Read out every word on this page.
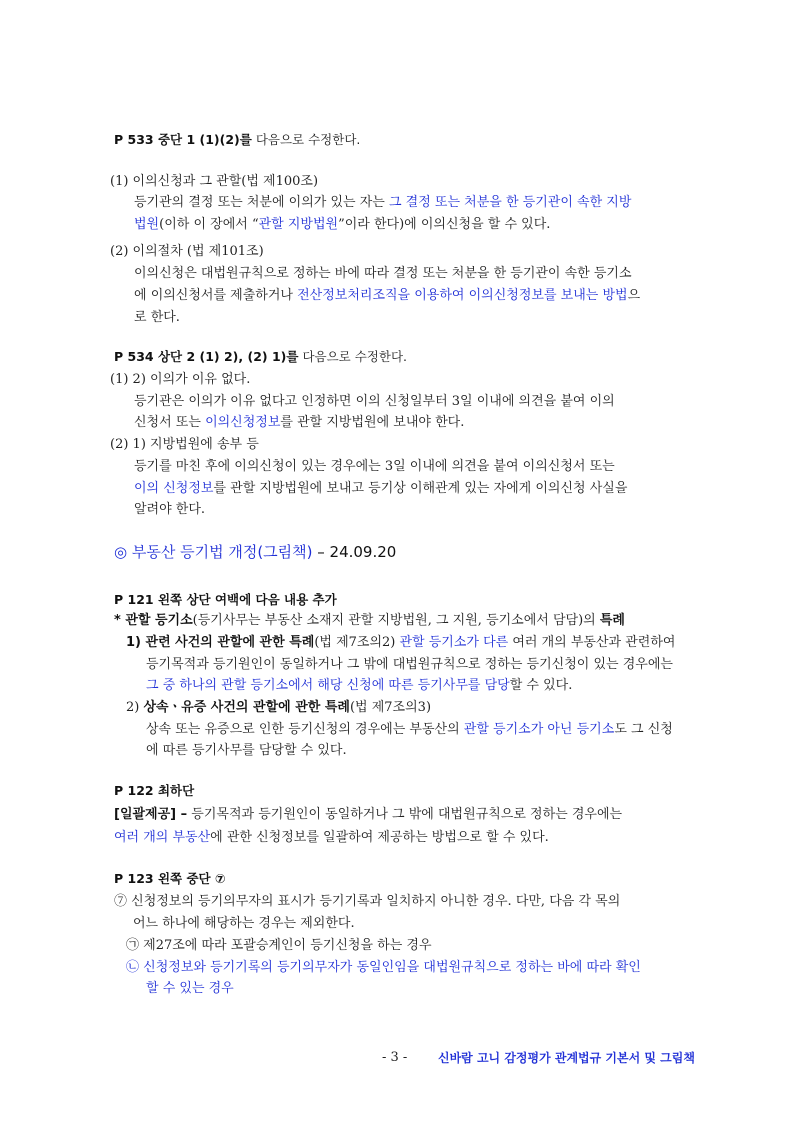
P 533 중단 1 (1)(2)를 다음으로 수정한다.
(1) 이의신청과 그 관할(법 제100조)
등기관의 결정 또는 처분에 이의가 있는 자는 그 결정 또는 처분을 한 등기관이 속한 지방
법원(이하 이 장에서 “관할 지방법원”이라 한다)에 이의신청을 할 수 있다.
(2) 이의절차 (법 제101조)
이의신청은 대법원규칙으로 정하는 바에 따라 결정 또는 처분을 한 등기관이 속한 등기소
에 이의신청서를 제출하거나 전산정보처리조직을 이용하여 이의신청정보를 보내는 방법으
로 한다.
P 534 상단 2 (1) 2), (2) 1)를 다음으로 수정한다.
(1) 2) 이의가 이유 없다.
등기관은 이의가 이유 없다고 인정하면 이의 신청일부터 3일 이내에 의견을 붙여 이의
신청서 또는 이의신청정보를 관할 지방법원에 보내야 한다.
(2) 1) 지방법원에 송부 등
등기를 마친 후에 이의신청이 있는 경우에는 3일 이내에 의견을 붙여 이의신청서 또는
이의 신청정보를 관할 지방법원에 보내고 등기상 이해관계 있는 자에게 이의신청 사실을
알려야 한다.
◎ 부동산 등기법 개정(그림책) – 24.09.20
P 121 왼쪽 상단 여백에 다음 내용 추가
* 관할 등기소(등기사무는 부동산 소재지 관할 지방법원, 그 지원, 등기소에서 담담)의 특례
1) 관련 사건의 관할에 관한 특례(법 제7조의2) 관할 등기소가 다른 여러 개의 부동산과 관련하여
등기목적과 등기원인이 동일하거나 그 밖에 대법원규칙으로 정하는 등기신청이 있는 경우에는
그 중 하나의 관할 등기소에서 해당 신청에 따른 등기사무를 담당할 수 있다.
2) 상속ㆍ유증 사건의 관할에 관한 특례(법 제7조의3)
상속 또는 유증으로 인한 등기신청의 경우에는 부동산의 관할 등기소가 아닌 등기소도 그 신청
에 따른 등기사무를 담당할 수 있다.
P 122 최하단
[일괄제공] – 등기목적과 등기원인이 동일하거나 그 밖에 대법원규칙으로 정하는 경우에는
여러 개의 부동산에 관한 신청정보를 일괄하여 제공하는 방법으로 할 수 있다.
P 123 왼쪽 중단 ⑦
⑦ 신청정보의 등기의무자의 표시가 등기기록과 일치하지 아니한 경우. 다만, 다음 각 목의
어느 하나에 해당하는 경우는 제외한다.
㉠ 제27조에 따라 포괄승계인이 등기신청을 하는 경우
㉡ 신청정보와 등기기록의 등기의무자가 동일인임을 대법원규칙으로 정하는 바에 따라 확인
할 수 있는 경우
- 3 -	신바람 고니 감정평가 관계법규 기본서 및 그림책
